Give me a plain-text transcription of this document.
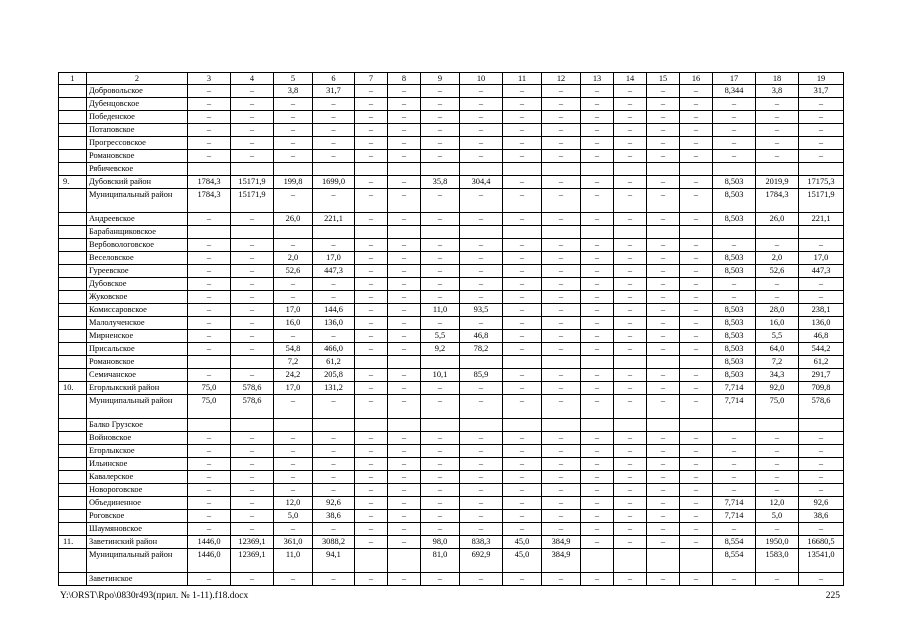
1	2	3	4	5	6	7	8	9	10	11	12	13	14	15	16	17	18	19
	Добровольское	–	–	3,8	31,7	–	–	–	–	–	–	–	–	–	–	8,344	3,8	31,7
	Дубенцовское	–	–	–	–	–	–	–	–	–	–	–	–	–	–	–	–	–
	Победенское	–	–	–	–	–	–	–	–	–	–	–	–	–	–	–	–	–
	Потаповское	–	–	–	–	–	–	–	–	–	–	–	–	–	–	–	–	–
	Прогрессовское	–	–	–	–	–	–	–	–	–	–	–	–	–	–	–	–	–
	Романовское	–	–	–	–	–	–	–	–	–	–	–	–	–	–	–	–	–
	Рябичевское																	
9.	Дубовский район	1784,3	15171,9	199,8	1699,0	–	–	35,8	304,4	–	–	–	–	–	–	8,503	2019,9	17175,3
	Муниципальный район	1784,3	15171,9	–	–	–	–	–	–	–	–	–	–	–	–	8,503	1784,3	15171,9
	Андреевское	–	–	26,0	221,1	–	–	–	–	–	–	–	–	–	–	8,503	26,0	221,1
	Барабанщиковское																	
	Вербовологовское	–	–	–	–	–	–	–	–	–	–	–	–	–	–	–	–	–
	Веселовское	–	–	2,0	17,0	–	–	–	–	–	–	–	–	–	–	8,503	2,0	17,0
	Гуреевское	–	–	52,6	447,3	–	–	–	–	–	–	–	–	–	–	8,503	52,6	447,3
	Дубовское	–	–	–	–	–	–	–	–	–	–	–	–	–	–	–	–	–
	Жуковское	–	–	–	–	–	–	–	–	–	–	–	–	–	–	–	–	–
	Комиссаровское	–	–	17,0	144,6	–	–	11,0	93,5	–	–	–	–	–	–	8,503	28,0	238,1
	Малолученское	–	–	16,0	136,0	–	–	–	–	–	–	–	–	–	–	8,503	16,0	136,0
	Мирненское	–	–	–	–	–	–	5,5	46,8	–	–	–	–	–	–	8,503	5,5	46,8
	Присальское	–	–	54,8	466,0	–	–	9,2	78,2	–	–	–	–	–	–	8,503	64,0	544,2
	Романовское			7,2	61,2											8,503	7,2	61,2
	Семичанское	–	–	24,2	205,8	–	–	10,1	85,9	–	–	–	–	–	–	8,503	34,3	291,7
10.	Егорлыкский район	75,0	578,6	17,0	131,2	–	–	–	–	–	–	–	–	–	–	7,714	92,0	709,8
	Муниципальный район	75,0	578,6	–	–	–	–	–	–	–	–	–	–	–	–	7,714	75,0	578,6
	Балко Грузское																	
	Войновское	–	–	–	–	–	–	–	–	–	–	–	–	–	–	–	–	–
	Егорлыкское	–	–	–	–	–	–	–	–	–	–	–	–	–	–	–	–	–
	Ильинское	–	–	–	–	–	–	–	–	–	–	–	–	–	–	–	–	–
	Кавалерское	–	–	–	–	–	–	–	–	–	–	–	–	–	–	–	–	–
	Новороговское	–	–	–	–	–	–	–	–	–	–	–	–	–	–	–	–	–
	Объединенное	–	–	12,0	92,6	–	–	–	–	–	–	–	–	–	–	7,714	12,0	92,6
	Роговское	–	–	5,0	38,6	–	–	–	–	–	–	–	–	–	–	7,714	5,0	38,6
	Шаумяновское	–	–	–	–	–	–	–	–	–	–	–	–	–	–	–	–	–
11.	Заветинский район	1446,0	12369,1	361,0	3088,2	–	–	98,0	838,3	45,0	384,9	–	–	–	–	8,554	1950,0	16680,5
	Муниципальный район	1446,0	12369,1	11,0	94,1			81,0	692,9	45,0	384,9					8,554	1583,0	13541,0
	Заветинское	–	–	–	–	–	–	–	–	–	–	–	–	–	–	–	–	–
Y:\ORST\Rpo\0830r493(прил. № 1-11).f18.docx	225
